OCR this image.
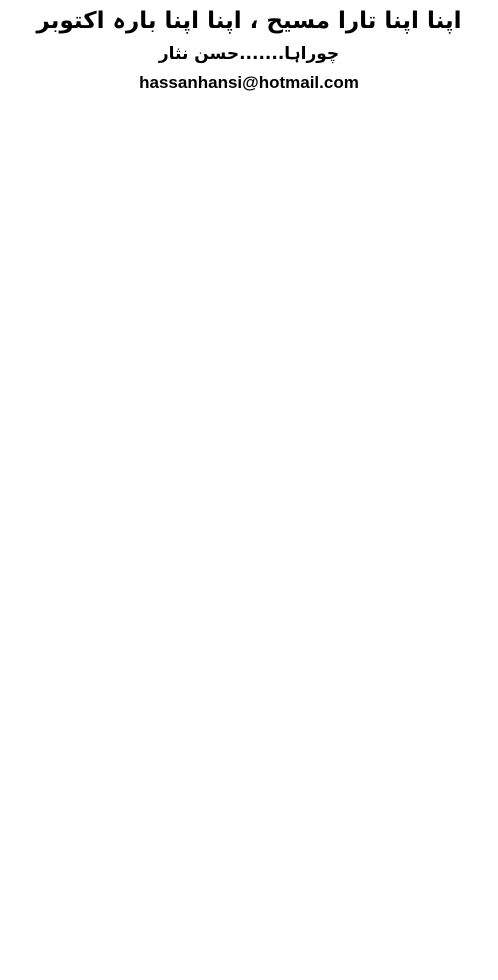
اپنا اپنا تارا مسیح ، اپنا اپنا بارہ اکتوبر
چوراہا.......حسن نثار
hassanhansi@hotmail.com
